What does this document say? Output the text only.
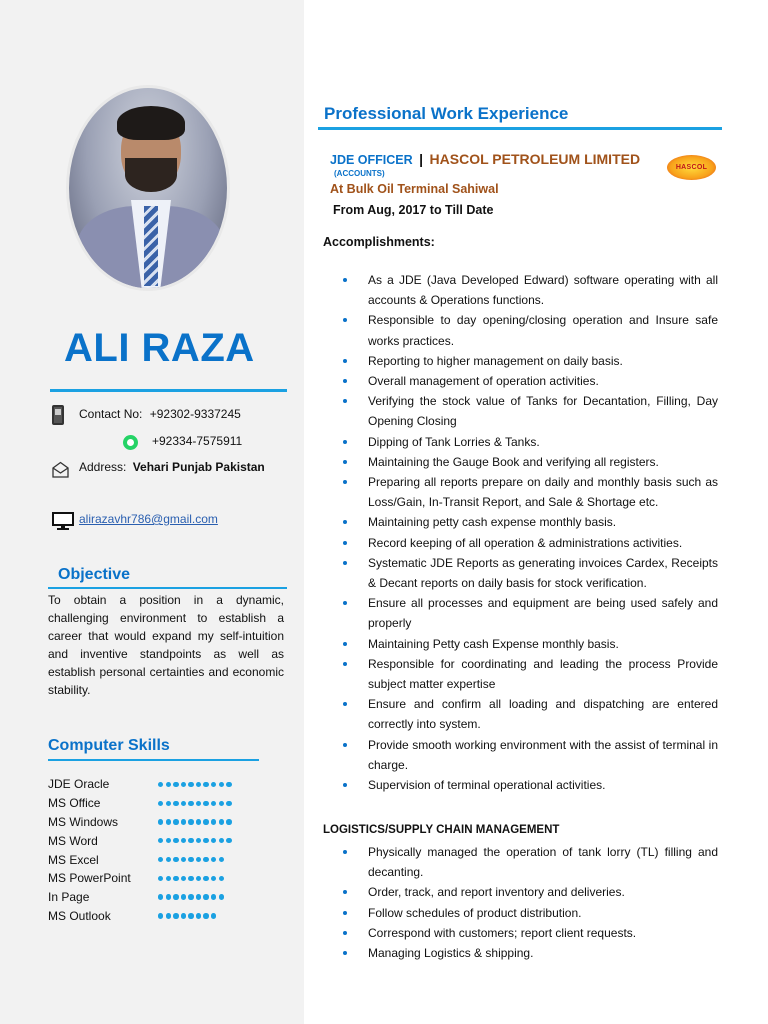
ALI RAZA
Contact No: +92302-9337245
+92334-7575911
Address: Vehari Punjab Pakistan
alirazavhr786@gmail.com
Objective
To obtain a position in a dynamic, challenging environment to establish a career that would expand my self-intuition and inventive standpoints as well as establish personal certainties and economic stability.
Computer Skills
JDE Oracle
MS Office
MS Windows
MS Word
MS Excel
MS PowerPoint
In Page
MS Outlook
Professional Work Experience
JDE OFFICER | HASCOL PETROLEUM LIMITED
(ACCOUNTS)
At Bulk Oil Terminal Sahiwal
From Aug, 2017 to Till Date
HASCOL
Accomplishments:
As a JDE (Java Developed Edward) software operating with all accounts & Operations functions.
Responsible to day opening/closing operation and Insure safe works practices.
Reporting to higher management on daily basis.
Overall management of operation activities.
Verifying the stock value of Tanks for Decantation, Filling, Day Opening Closing
Dipping of Tank Lorries & Tanks.
Maintaining the Gauge Book and verifying all registers.
Preparing all reports prepare on daily and monthly basis such as Loss/Gain, In-Transit Report, and Sale & Shortage etc.
Maintaining petty cash expense monthly basis.
Record keeping of all operation & administrations activities.
Systematic JDE Reports as generating invoices Cardex, Receipts & Decant reports on daily basis for stock verification.
Ensure all processes and equipment are being used safely and properly
Maintaining Petty cash Expense monthly basis.
Responsible for coordinating and leading the process Provide subject matter expertise
Ensure and confirm all loading and dispatching are entered correctly into system.
Provide smooth working environment with the assist of terminal in charge.
Supervision of terminal operational activities.
LOGISTICS/SUPPLY CHAIN MANAGEMENT
Physically managed the operation of tank lorry (TL) filling and decanting.
Order, track, and report inventory and deliveries.
Follow schedules of product distribution.
Correspond with customers; report client requests.
Managing Logistics & shipping.
